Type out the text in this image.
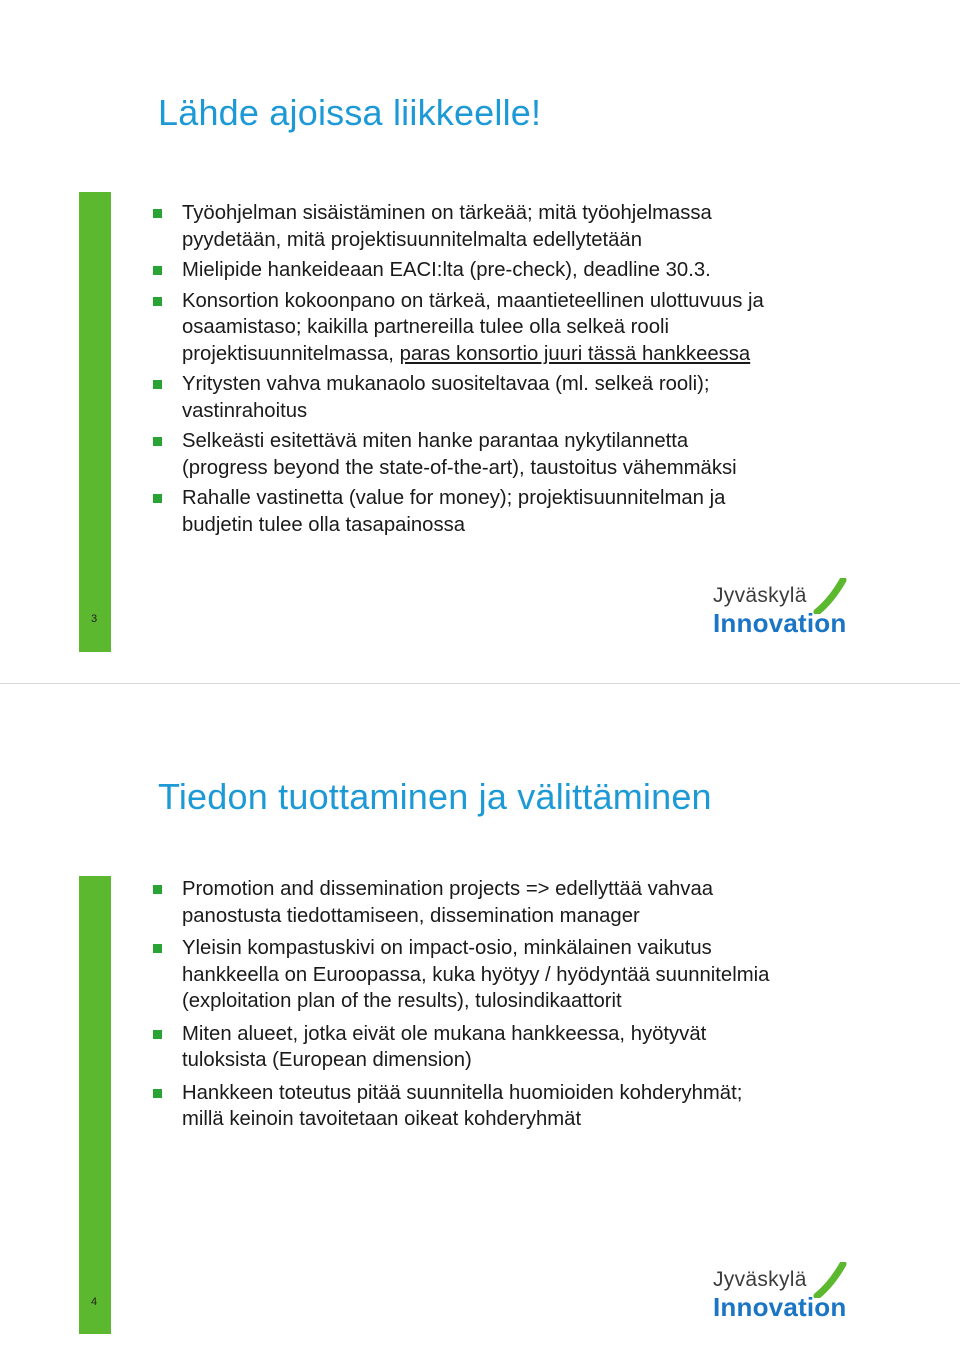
Lähde ajoissa liikkeelle!
Työohjelman sisäistäminen on tärkeää; mitä työohjelmassa
pyydetään, mitä projektisuunnitelmalta edellytetään
Mielipide hankeideaan EACI:lta (pre-check), deadline 30.3.
Konsortion kokoonpano on tärkeä, maantieteellinen ulottuvuus ja
osaamistaso; kaikilla partnereilla tulee olla selkeä rooli
projektisuunnitelmassa, paras konsortio juuri tässä hankkeessa
Yritysten vahva mukanaolo suositeltavaa (ml. selkeä rooli);
vastinrahoitus
Selkeästi esitettävä miten hanke parantaa nykytilannetta
(progress beyond the state-of-the-art), taustoitus vähemmäksi
Rahalle vastinetta (value for money); projektisuunnitelman ja
budjetin tulee olla tasapainossa
3
Jyväskylä
Innovation
Tiedon tuottaminen ja välittäminen
Promotion and dissemination projects => edellyttää vahvaa
panostusta tiedottamiseen, dissemination manager
Yleisin kompastuskivi on impact-osio, minkälainen vaikutus
hankkeella on Euroopassa, kuka hyötyy / hyödyntää suunnitelmia
(exploitation plan of the results), tulosindikaattorit
Miten alueet, jotka eivät ole mukana hankkeessa, hyötyvät
tuloksista (European dimension)
Hankkeen toteutus pitää suunnitella huomioiden kohderyhmät;
millä keinoin tavoitetaan oikeat kohderyhmät
4
Jyväskylä
Innovation
